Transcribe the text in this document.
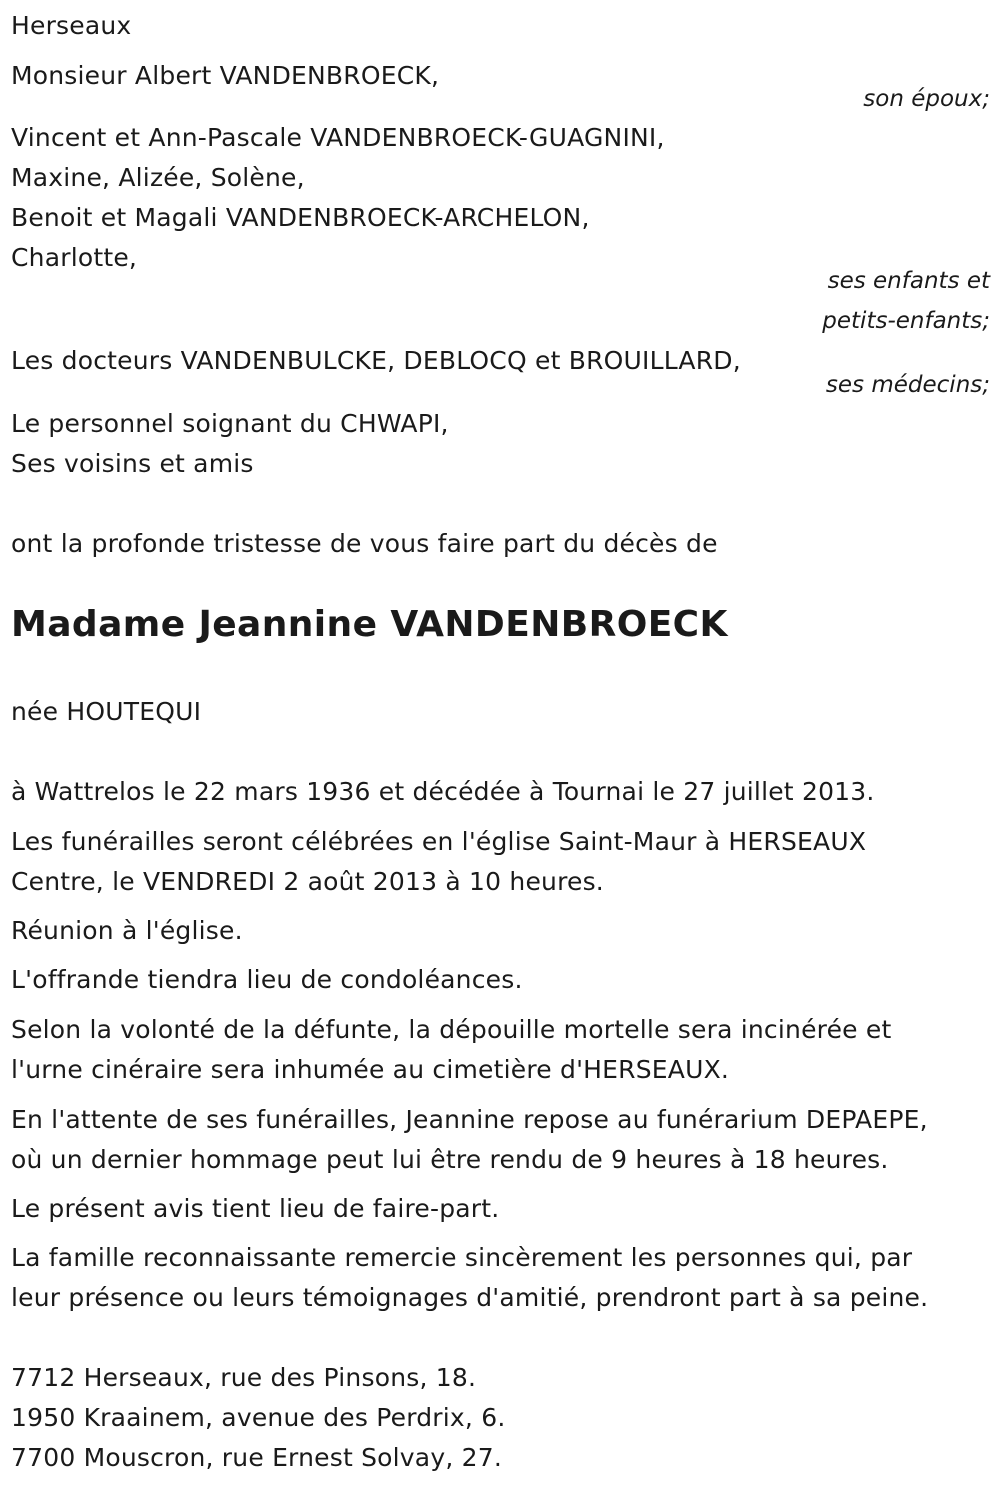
Herseaux
Monsieur Albert VANDENBROECK,
son époux;
Vincent et Ann-Pascale VANDENBROECK-GUAGNINI,
Maxine, Alizée, Solène,
Benoit et Magali VANDENBROECK-ARCHELON,
Charlotte,
ses enfants et
petits-enfants;
Les docteurs VANDENBULCKE, DEBLOCQ et BROUILLARD,
ses médecins;
Le personnel soignant du CHWAPI,
Ses voisins et amis
ont la profonde tristesse de vous faire part du décès de
Madame Jeannine VANDENBROECK
née HOUTEQUI
à Wattrelos le 22 mars 1936 et décédée à Tournai le 27 juillet 2013.
Les funérailles seront célébrées en l'église Saint-Maur à HERSEAUX
Centre, le VENDREDI 2 août 2013 à 10 heures.
Réunion à l'église.
L'offrande tiendra lieu de condoléances.
Selon la volonté de la défunte, la dépouille mortelle sera incinérée et
l'urne cinéraire sera inhumée au cimetière d'HERSEAUX.
En l'attente de ses funérailles, Jeannine repose au funérarium DEPAEPE,
où un dernier hommage peut lui être rendu de 9 heures à 18 heures.
Le présent avis tient lieu de faire-part.
La famille reconnaissante remercie sincèrement les personnes qui, par
leur présence ou leurs témoignages d'amitié, prendront part à sa peine.
7712 Herseaux, rue des Pinsons, 18.
1950 Kraainem, avenue des Perdrix, 6.
7700 Mouscron, rue Ernest Solvay, 27.
